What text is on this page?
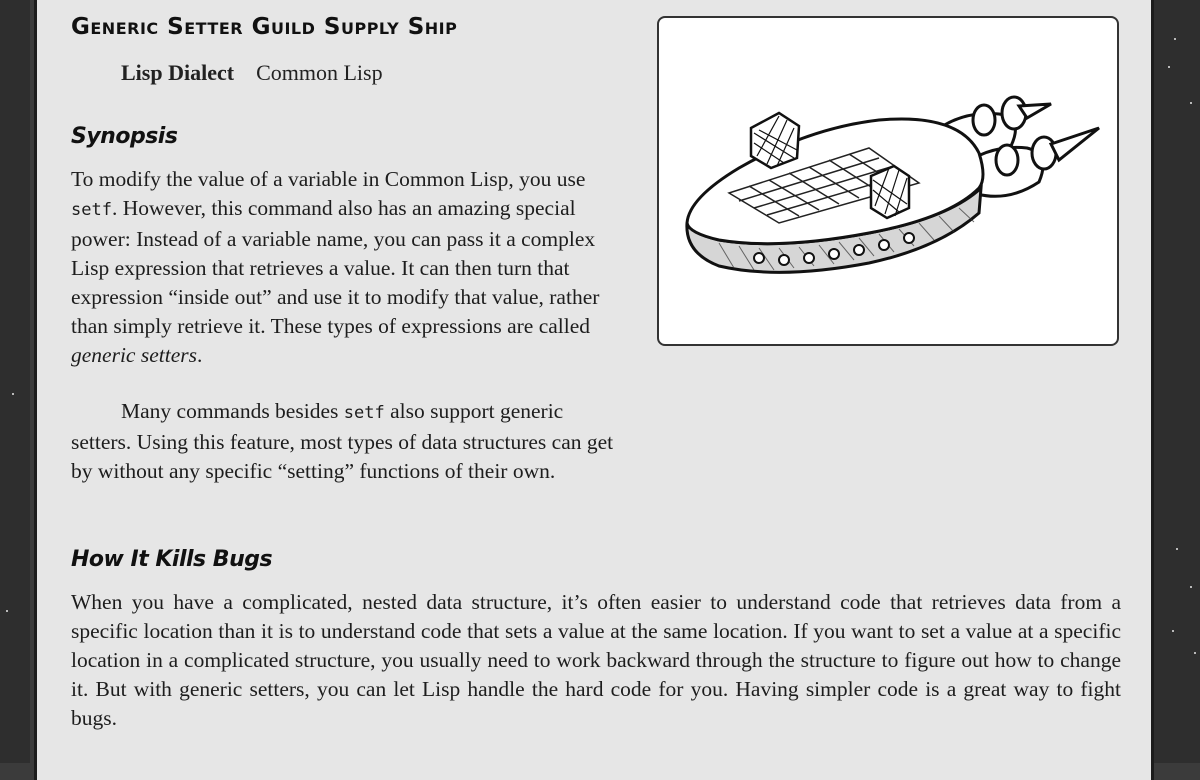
Generic Setter Guild Supply Ship
Lisp Dialect Common Lisp
Synopsis

To modify the value of a variable in Common Lisp, you use setf. However, this command also has an amazing special power: Instead of a variable name, you can pass it a complex Lisp expression that retrieves a value. It can then turn that expression “inside out” and use it to modify that value, rather than simply retrieve it. These types of expressions are called generic setters.

Many commands besides setf also support generic setters. Using this feature, most types of data structures can get by without any specific “setting” functions of their own.

How It Kills Bugs

When you have a complicated, nested data structure, it’s often easier to understand code that retrieves data from a specific location than it is to understand code that sets a value at the same location. If you want to set a value at a specific location in a complicated structure, you usually need to work backward through the structure to figure out how to change it. But with generic setters, you can let Lisp handle the hard code for you. Having simpler code is a great way to fight bugs.
